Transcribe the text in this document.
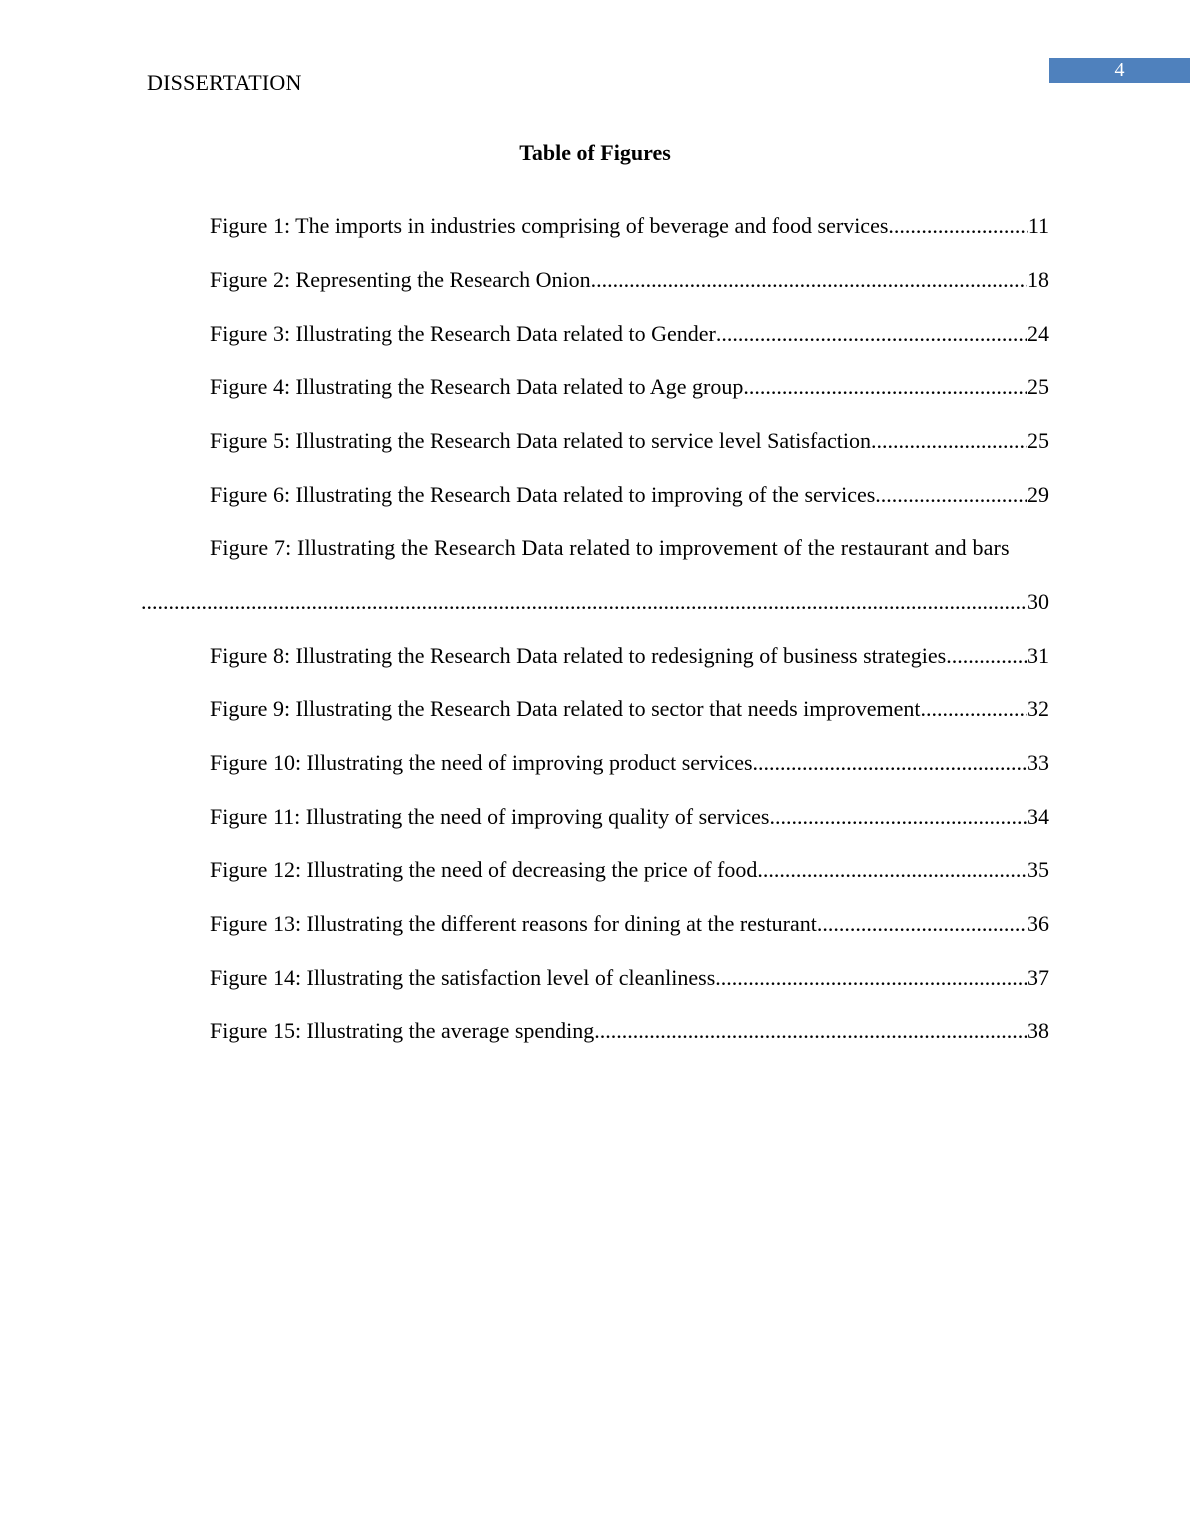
4
DISSERTATION
Table of Figures
Figure 1: The imports in industries comprising of beverage and food services .....	11
Figure 2: Representing the Research Onion .....	18
Figure 3: Illustrating the Research Data related to Gender .....	24
Figure 4: Illustrating the Research Data related to Age group .....	25
Figure 5: Illustrating the Research Data related to service level Satisfaction .....	25
Figure 6: Illustrating the Research Data related to improving of the services .....	29
Figure 7: Illustrating the Research Data related to improvement of the restaurant and bars
.....
30
Figure 8: Illustrating the Research Data related to redesigning of business strategies .....	31
Figure 9: Illustrating the Research Data related to sector that needs improvement .....	32
Figure 10: Illustrating the need of improving product services .....	33
Figure 11: Illustrating the need of improving quality of services .....	34
Figure 12: Illustrating the need of decreasing the price of food .....	35
Figure 13: Illustrating the different reasons for dining at the resturant .....	36
Figure 14: Illustrating the satisfaction level of cleanliness .....	37
Figure 15: Illustrating the average spending .....	38
